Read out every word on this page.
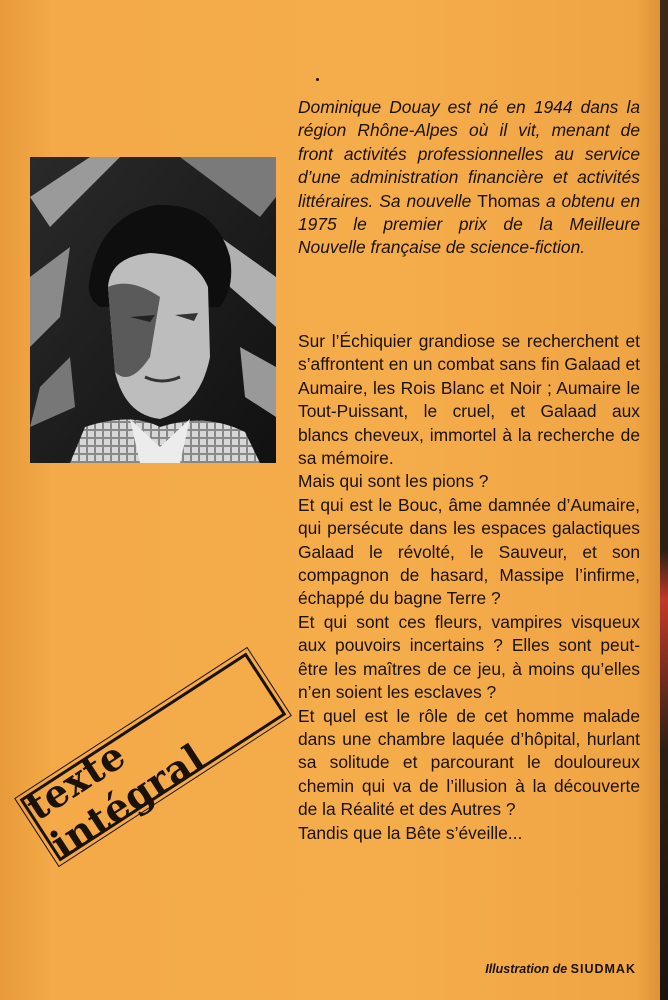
Dominique Douay est né en 1944 dans la région Rhône-Alpes où il vit, menant de front activités professionnelles au service d’une administration financière et activités littéraires. Sa nouvelle Thomas a obtenu en 1975 le premier prix de la Meilleure Nouvelle française de science-fiction.

Sur l’Échiquier grandiose se recherchent et s’affrontent en un combat sans fin Galaad et Aumaire, les Rois Blanc et Noir ; Aumaire le Tout-Puissant, le cruel, et Galaad aux blancs cheveux, immortel à la recherche de sa mémoire.

Mais qui sont les pions ?

Et qui est le Bouc, âme damnée d’Aumaire, qui persécute dans les espaces galactiques Galaad le révolté, le Sauveur, et son compagnon de hasard, Massipe l’infirme, échappé du bagne Terre ?

Et qui sont ces fleurs, vampires visqueux aux pouvoirs incertains ? Elles sont peut-être les maîtres de ce jeu, à moins qu’elles n’en soient les esclaves ?

Et quel est le rôle de cet homme malade dans une chambre laquée d’hôpital, hurlant sa solitude et parcourant le douloureux chemin qui va de l’illusion à la découverte de la Réalité et des Autres ?

Tandis que la Bête s’éveille...

texte intégral
Illustration de SIUDMAK
